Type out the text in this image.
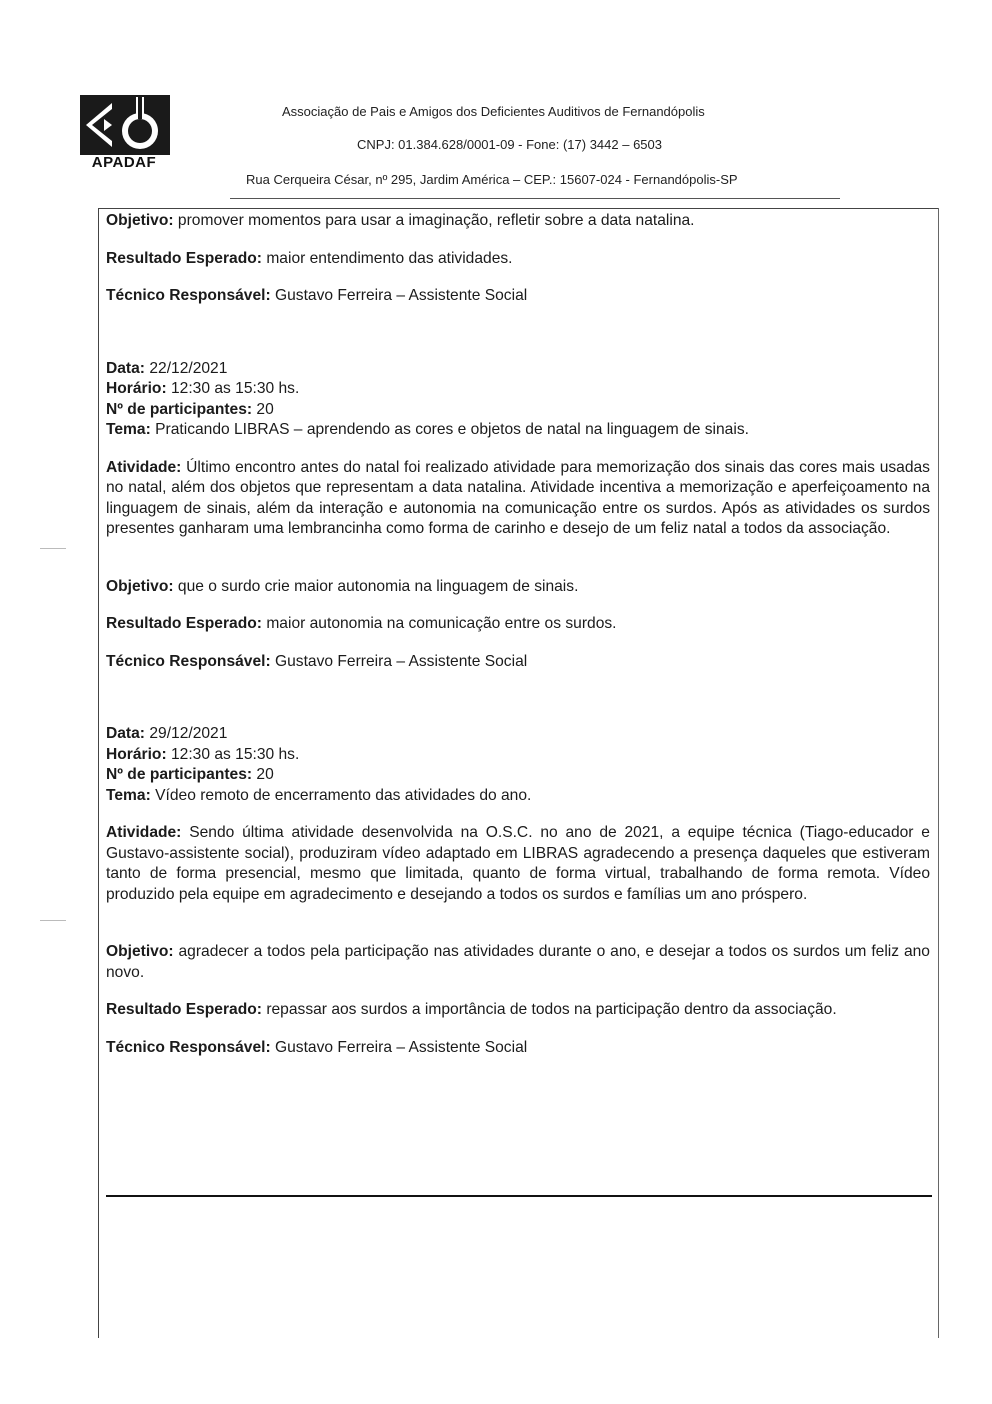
APADAF
Associação de Pais e Amigos dos Deficientes Auditivos de Fernandópolis
CNPJ: 01.384.628/0001-09 - Fone: (17) 3442 – 6503
Rua Cerqueira César, nº 295, Jardim América – CEP.: 15607-024 - Fernandópolis-SP

Objetivo: promover momentos para usar a imaginação, refletir sobre a data natalina.

Resultado Esperado: maior entendimento das atividades.

Técnico Responsável: Gustavo Ferreira – Assistente Social

Data: 22/12/2021

Horário: 12:30 as 15:30 hs.

Nº de participantes: 20

Tema: Praticando LIBRAS – aprendendo as cores e objetos de natal na linguagem de sinais.

Atividade: Último encontro antes do natal foi realizado atividade para memorização dos sinais das cores mais usadas no natal, além dos objetos que representam a data natalina. Atividade incentiva a memorização e aperfeiçoamento na linguagem de sinais, além da interação e autonomia na comunicação entre os surdos. Após as atividades os surdos presentes ganharam uma lembrancinha como forma de carinho e desejo de um feliz natal a todos da associação.

Objetivo: que o surdo crie maior autonomia na linguagem de sinais.

Resultado Esperado: maior autonomia na comunicação entre os surdos.

Técnico Responsável: Gustavo Ferreira – Assistente Social

Data: 29/12/2021

Horário: 12:30 as 15:30 hs.

Nº de participantes: 20

Tema: Vídeo remoto de encerramento das atividades do ano.

Atividade: Sendo última atividade desenvolvida na O.S.C. no ano de 2021, a equipe técnica (Tiago-educador e Gustavo-assistente social), produziram vídeo adaptado em LIBRAS agradecendo a presença daqueles que estiveram tanto de forma presencial, mesmo que limitada, quanto de forma virtual, trabalhando de forma remota. Vídeo produzido pela equipe em agradecimento e desejando a todos os surdos e famílias um ano próspero.

Objetivo: agradecer a todos pela participação nas atividades durante o ano, e desejar a todos os surdos um feliz ano novo.

Resultado Esperado: repassar aos surdos a importância de todos na participação dentro da associação.

Técnico Responsável: Gustavo Ferreira – Assistente Social
